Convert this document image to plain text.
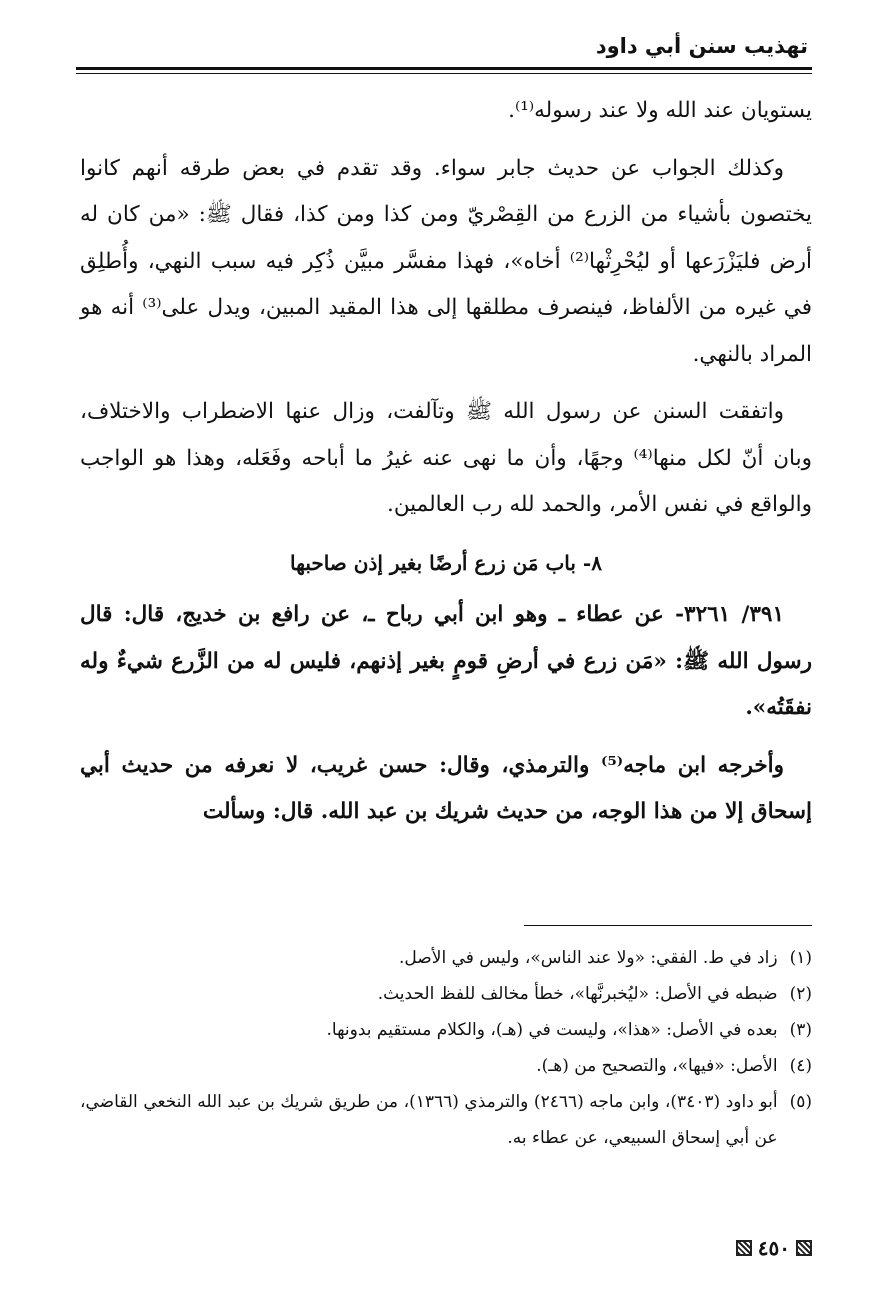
تهذيب سنن أبي داود

يستويان عند الله ولا عند رسوله⁽¹⁾.

وكذلك الجواب عن حديث جابر سواء. وقد تقدم في بعض طرقه أنهم كانوا يختصون بأشياء من الزرع من القِصْريّ ومن كذا ومن كذا، فقال ﷺ: «من كان له أرض فليَزْرَعها أو ليُحْرِثْها⁽²⁾ أخاه»، فهذا مفسَّر مبيَّن ذُكِر فيه سبب النهي، وأُطلِق في غيره من الألفاظ، فينصرف مطلقها إلى هذا المقيد المبين، ويدل على⁽³⁾ أنه هو المراد بالنهي.

واتفقت السنن عن رسول الله ﷺ وتآلفت، وزال عنها الاضطراب والاختلاف، وبان أنّ لكل منها⁽⁴⁾ وجهًا، وأن ما نهى عنه غيرُ ما أباحه وفَعَله، وهذا هو الواجب والواقع في نفس الأمر، والحمد لله رب العالمين.

٨- باب مَن زرع أرضًا بغير إذن صاحبها

٣٩١/ ٣٢٦١- عن عطاء ـ وهو ابن أبي رباح ـ، عن رافع بن خديج، قال: قال رسول الله ﷺ: «مَن زرع في أرضِ قومٍ بغير إذنهم، فليس له من الزَّرع شيءٌ وله نفقَتُه».

وأخرجه ابن ماجه⁽⁵⁾ والترمذي، وقال: حسن غريب، لا نعرفه من حديث أبي إسحاق إلا من هذا الوجه، من حديث شريك بن عبد الله. قال: وسألت

(١)
زاد في ط. الفقي: «ولا عند الناس»، وليس في الأصل.
(٢)
ضبطه في الأصل: «ليُخبرنَّها»، خطأ مخالف للفظ الحديث.
(٣)
بعده في الأصل: «هذا»، وليست في (هـ)، والكلام مستقيم بدونها.
(٤)
الأصل: «فيها»، والتصحيح من (هـ).
(٥)
أبو داود (٣٤٠٣)، وابن ماجه (٢٤٦٦) والترمذي (١٣٦٦)، من طريق شريك بن عبد الله النخعي القاضي، عن أبي إسحاق السبيعي، عن عطاء به.
٤٥٠
